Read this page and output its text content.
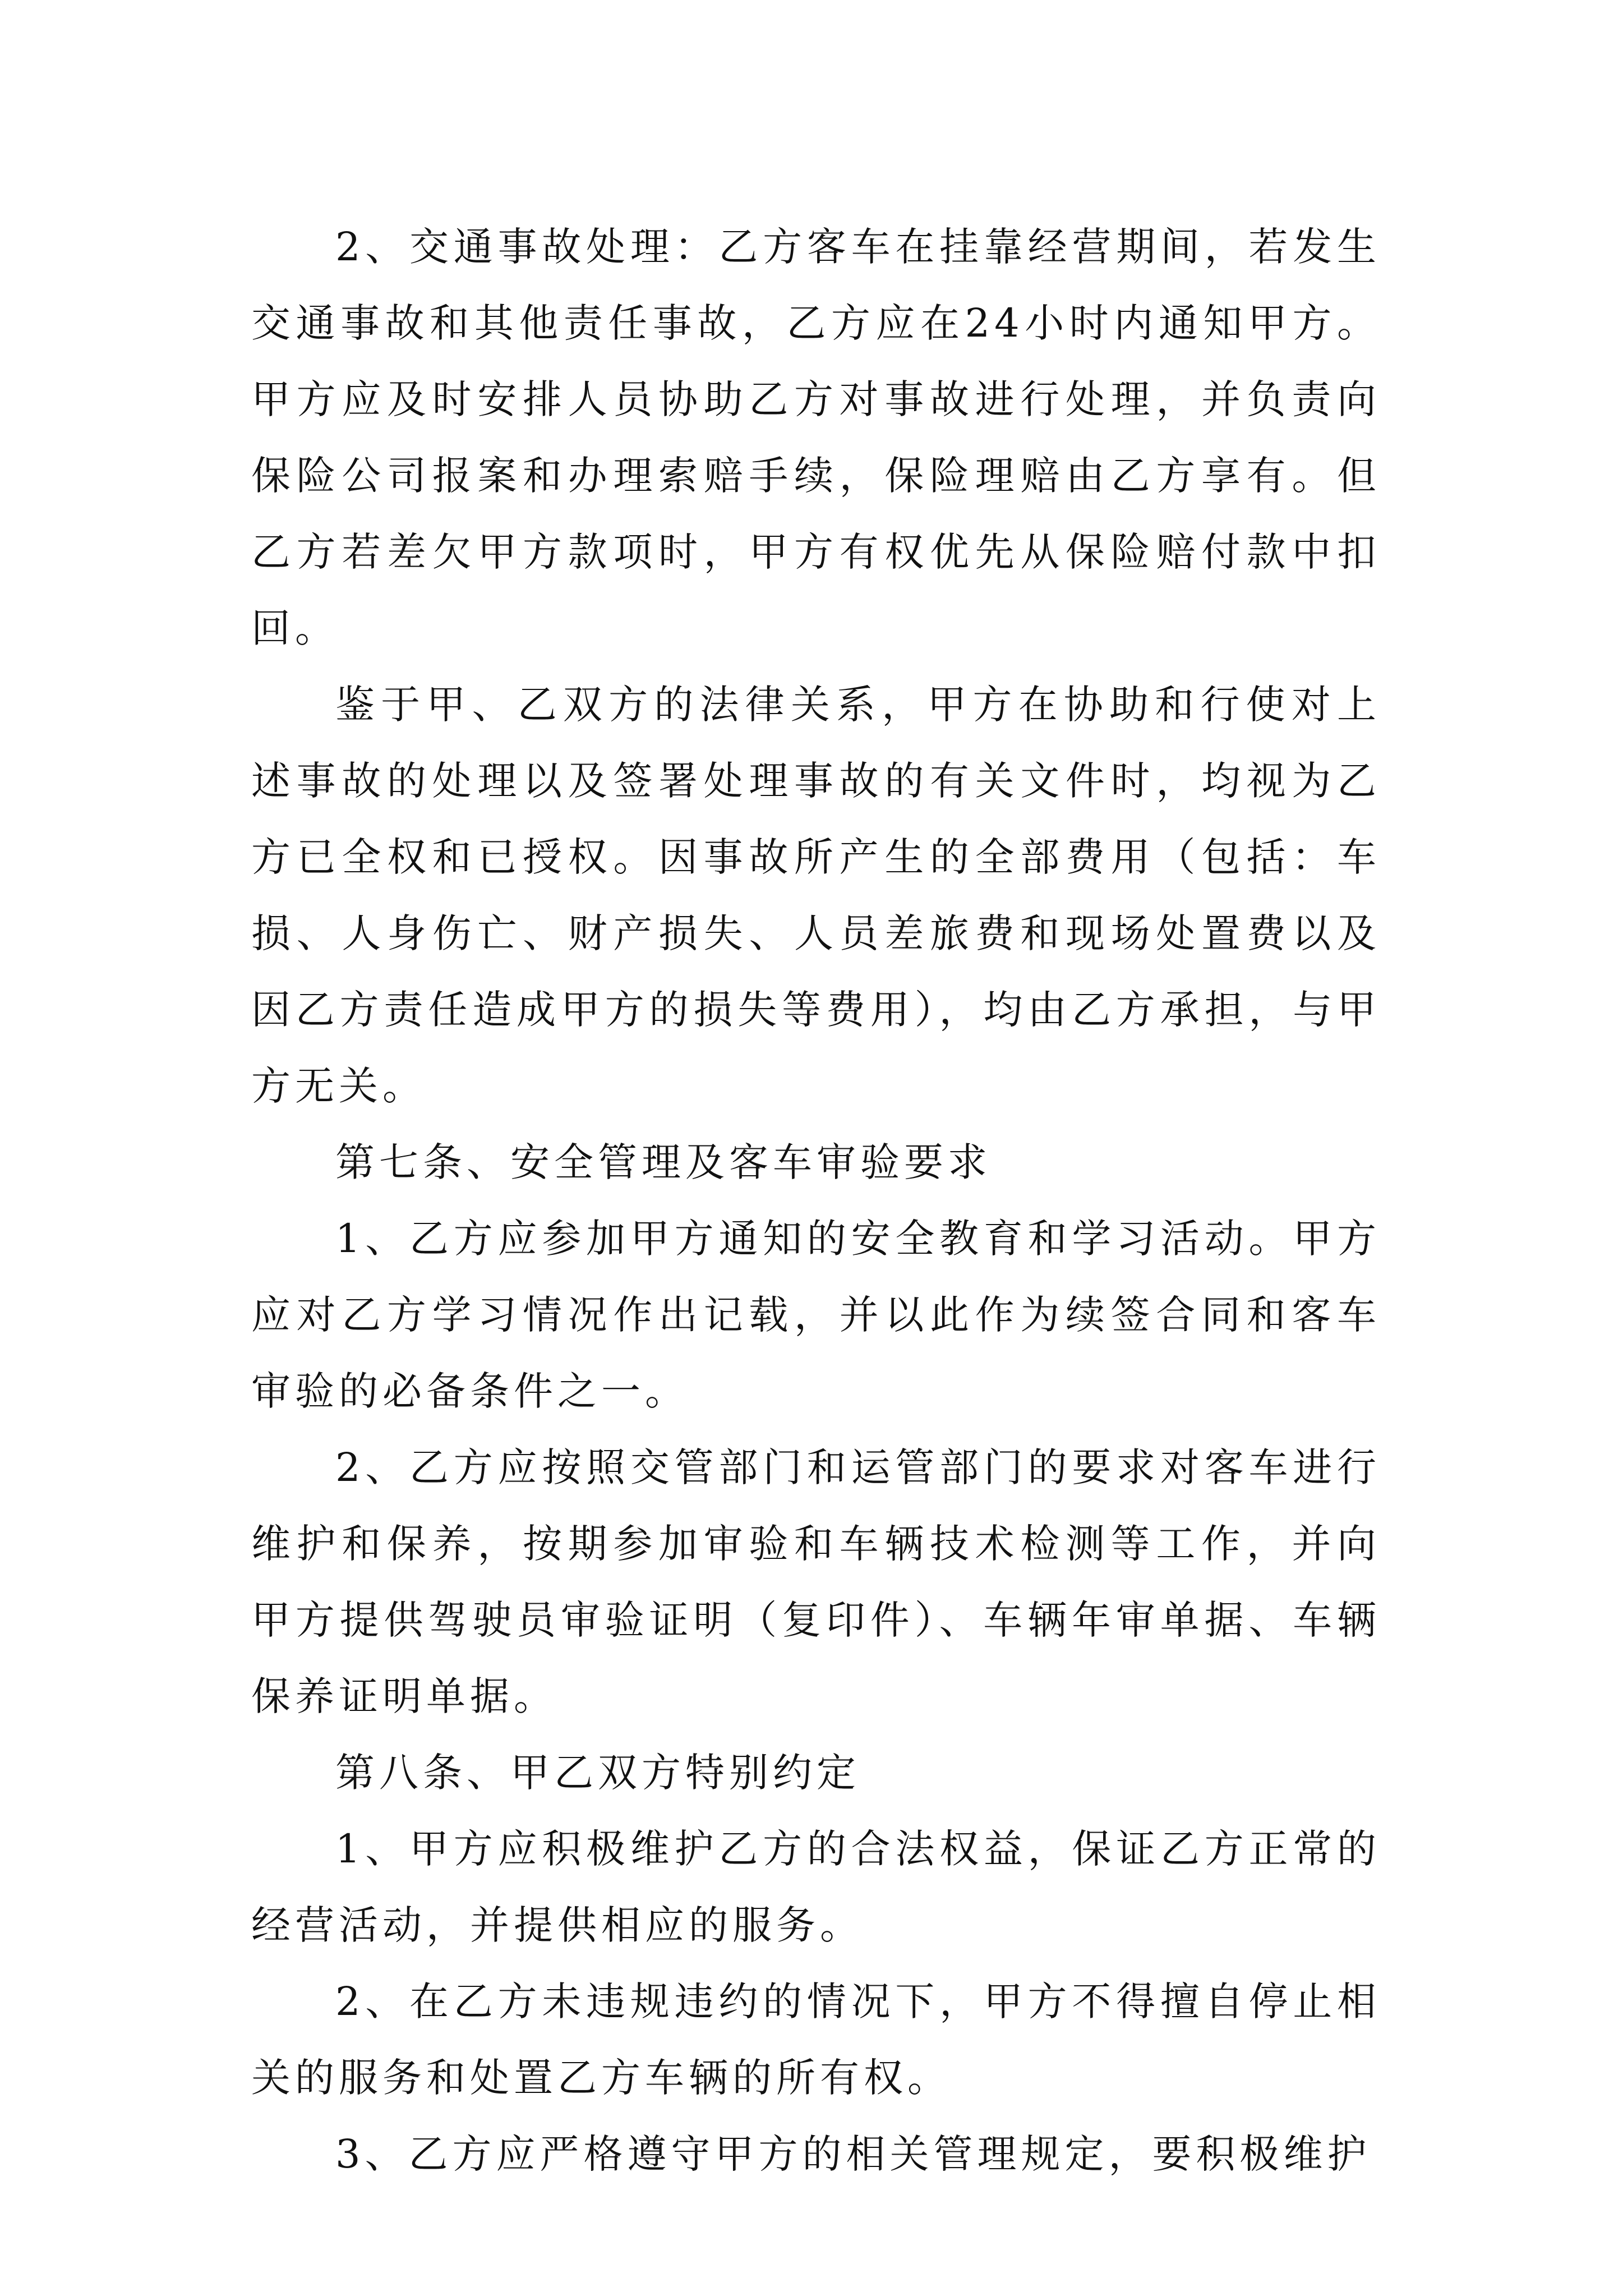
2、交通事故处理：乙方客车在挂靠经营期间，若发生交通事故和其他责任事故，乙方应在24小时内通知甲方。甲方应及时安排人员协助乙方对事故进行处理，并负责向保险公司报案和办理索赔手续，保险理赔由乙方享有。但乙方若差欠甲方款项时，甲方有权优先从保险赔付款中扣回。

鉴于甲、乙双方的法律关系，甲方在协助和行使对上述事故的处理以及签署处理事故的有关文件时，均视为乙方已全权和已授权。因事故所产生的全部费用（包括：车损、人身伤亡、财产损失、人员差旅费和现场处置费以及因乙方责任造成甲方的损失等费用），均由乙方承担，与甲方无关。

第七条、安全管理及客车审验要求

1、乙方应参加甲方通知的安全教育和学习活动。甲方应对乙方学习情况作出记载，并以此作为续签合同和客车审验的必备条件之一。

2、乙方应按照交管部门和运管部门的要求对客车进行维护和保养，按期参加审验和车辆技术检测等工作，并向甲方提供驾驶员审验证明（复印件）、车辆年审单据、车辆保养证明单据。

第八条、甲乙双方特别约定

1、甲方应积极维护乙方的合法权益，保证乙方正常的经营活动，并提供相应的服务。

2、在乙方未违规违约的情况下，甲方不得擅自停止相关的服务和处置乙方车辆的所有权。

3、乙方应严格遵守甲方的相关管理规定，要积极维护
